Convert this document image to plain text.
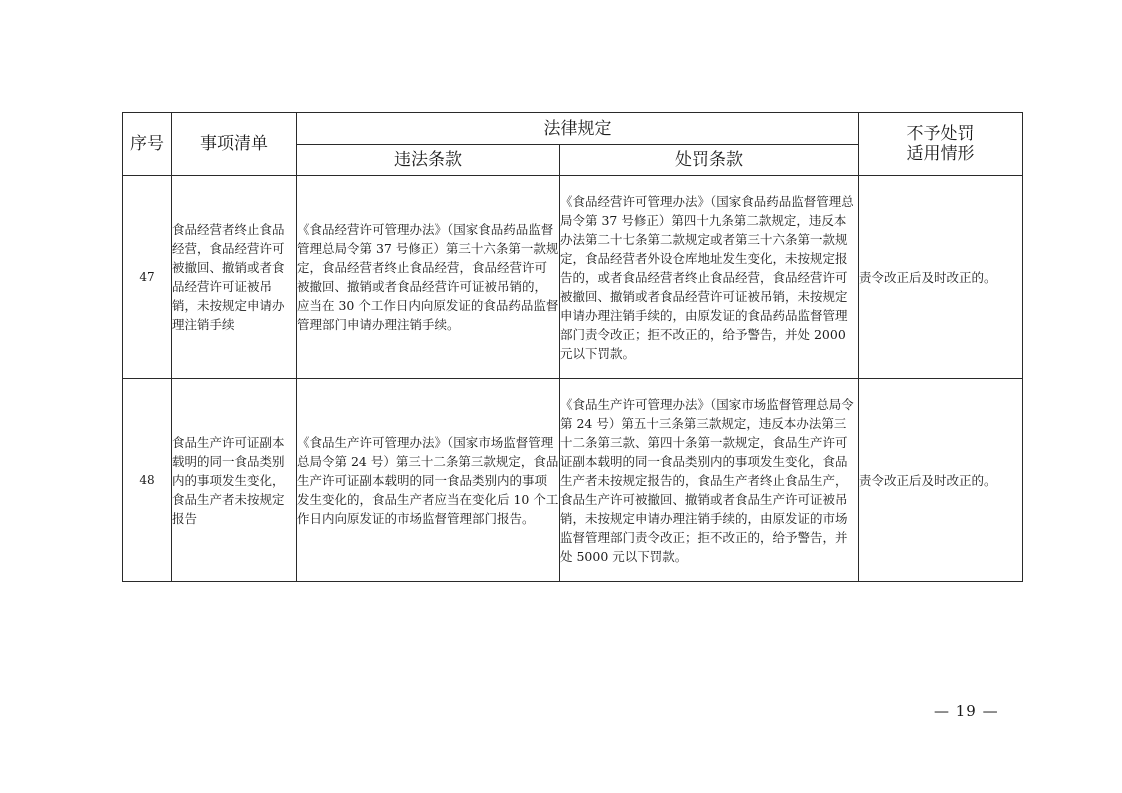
序号	事项清单	法律规定		不予处罚
适用情形
		违法条款	处罚条款	
47	食品经营者终止食品经营，食品经营许可被撤回、撤销或者食品经营许可证被吊销，未按规定申请办理注销手续	《食品经营许可管理办法》（国家食品药品监督管理总局令第 37 号修正）第三十六条第一款规定，食品经营者终止食品经营，食品经营许可被撤回、撤销或者食品经营许可证被吊销的，应当在 30 个工作日内向原发证的食品药品监督管理部门申请办理注销手续。	《食品经营许可管理办法》（国家食品药品监督管理总局令第 37 号修正）第四十九条第二款规定，违反本办法第二十七条第二款规定或者第三十六条第一款规定，食品经营者外设仓库地址发生变化，未按规定报告的，或者食品经营者终止食品经营，食品经营许可被撤回、撤销或者食品经营许可证被吊销，未按规定申请办理注销手续的，由原发证的食品药品监督管理部门责令改正；拒不改正的，给予警告，并处 2000 元以下罚款。	责令改正后及时改正的。
48	食品生产许可证副本载明的同一食品类别内的事项发生变化，食品生产者未按规定报告	《食品生产许可管理办法》（国家市场监督管理总局令第 24 号）第三十二条第三款规定，食品生产许可证副本载明的同一食品类别内的事项发生变化的，食品生产者应当在变化后 10 个工作日内向原发证的市场监督管理部门报告。	《食品生产许可管理办法》（国家市场监督管理总局令第 24 号）第五十三条第三款规定，违反本办法第三十二条第三款、第四十条第一款规定，食品生产许可证副本载明的同一食品类别内的事项发生变化，食品生产者未按规定报告的，食品生产者终止食品生产，食品生产许可被撤回、撤销或者食品生产许可证被吊销，未按规定申请办理注销手续的，由原发证的市场监督管理部门责令改正；拒不改正的，给予警告，并处 5000 元以下罚款。	责令改正后及时改正的。
— 19 —
